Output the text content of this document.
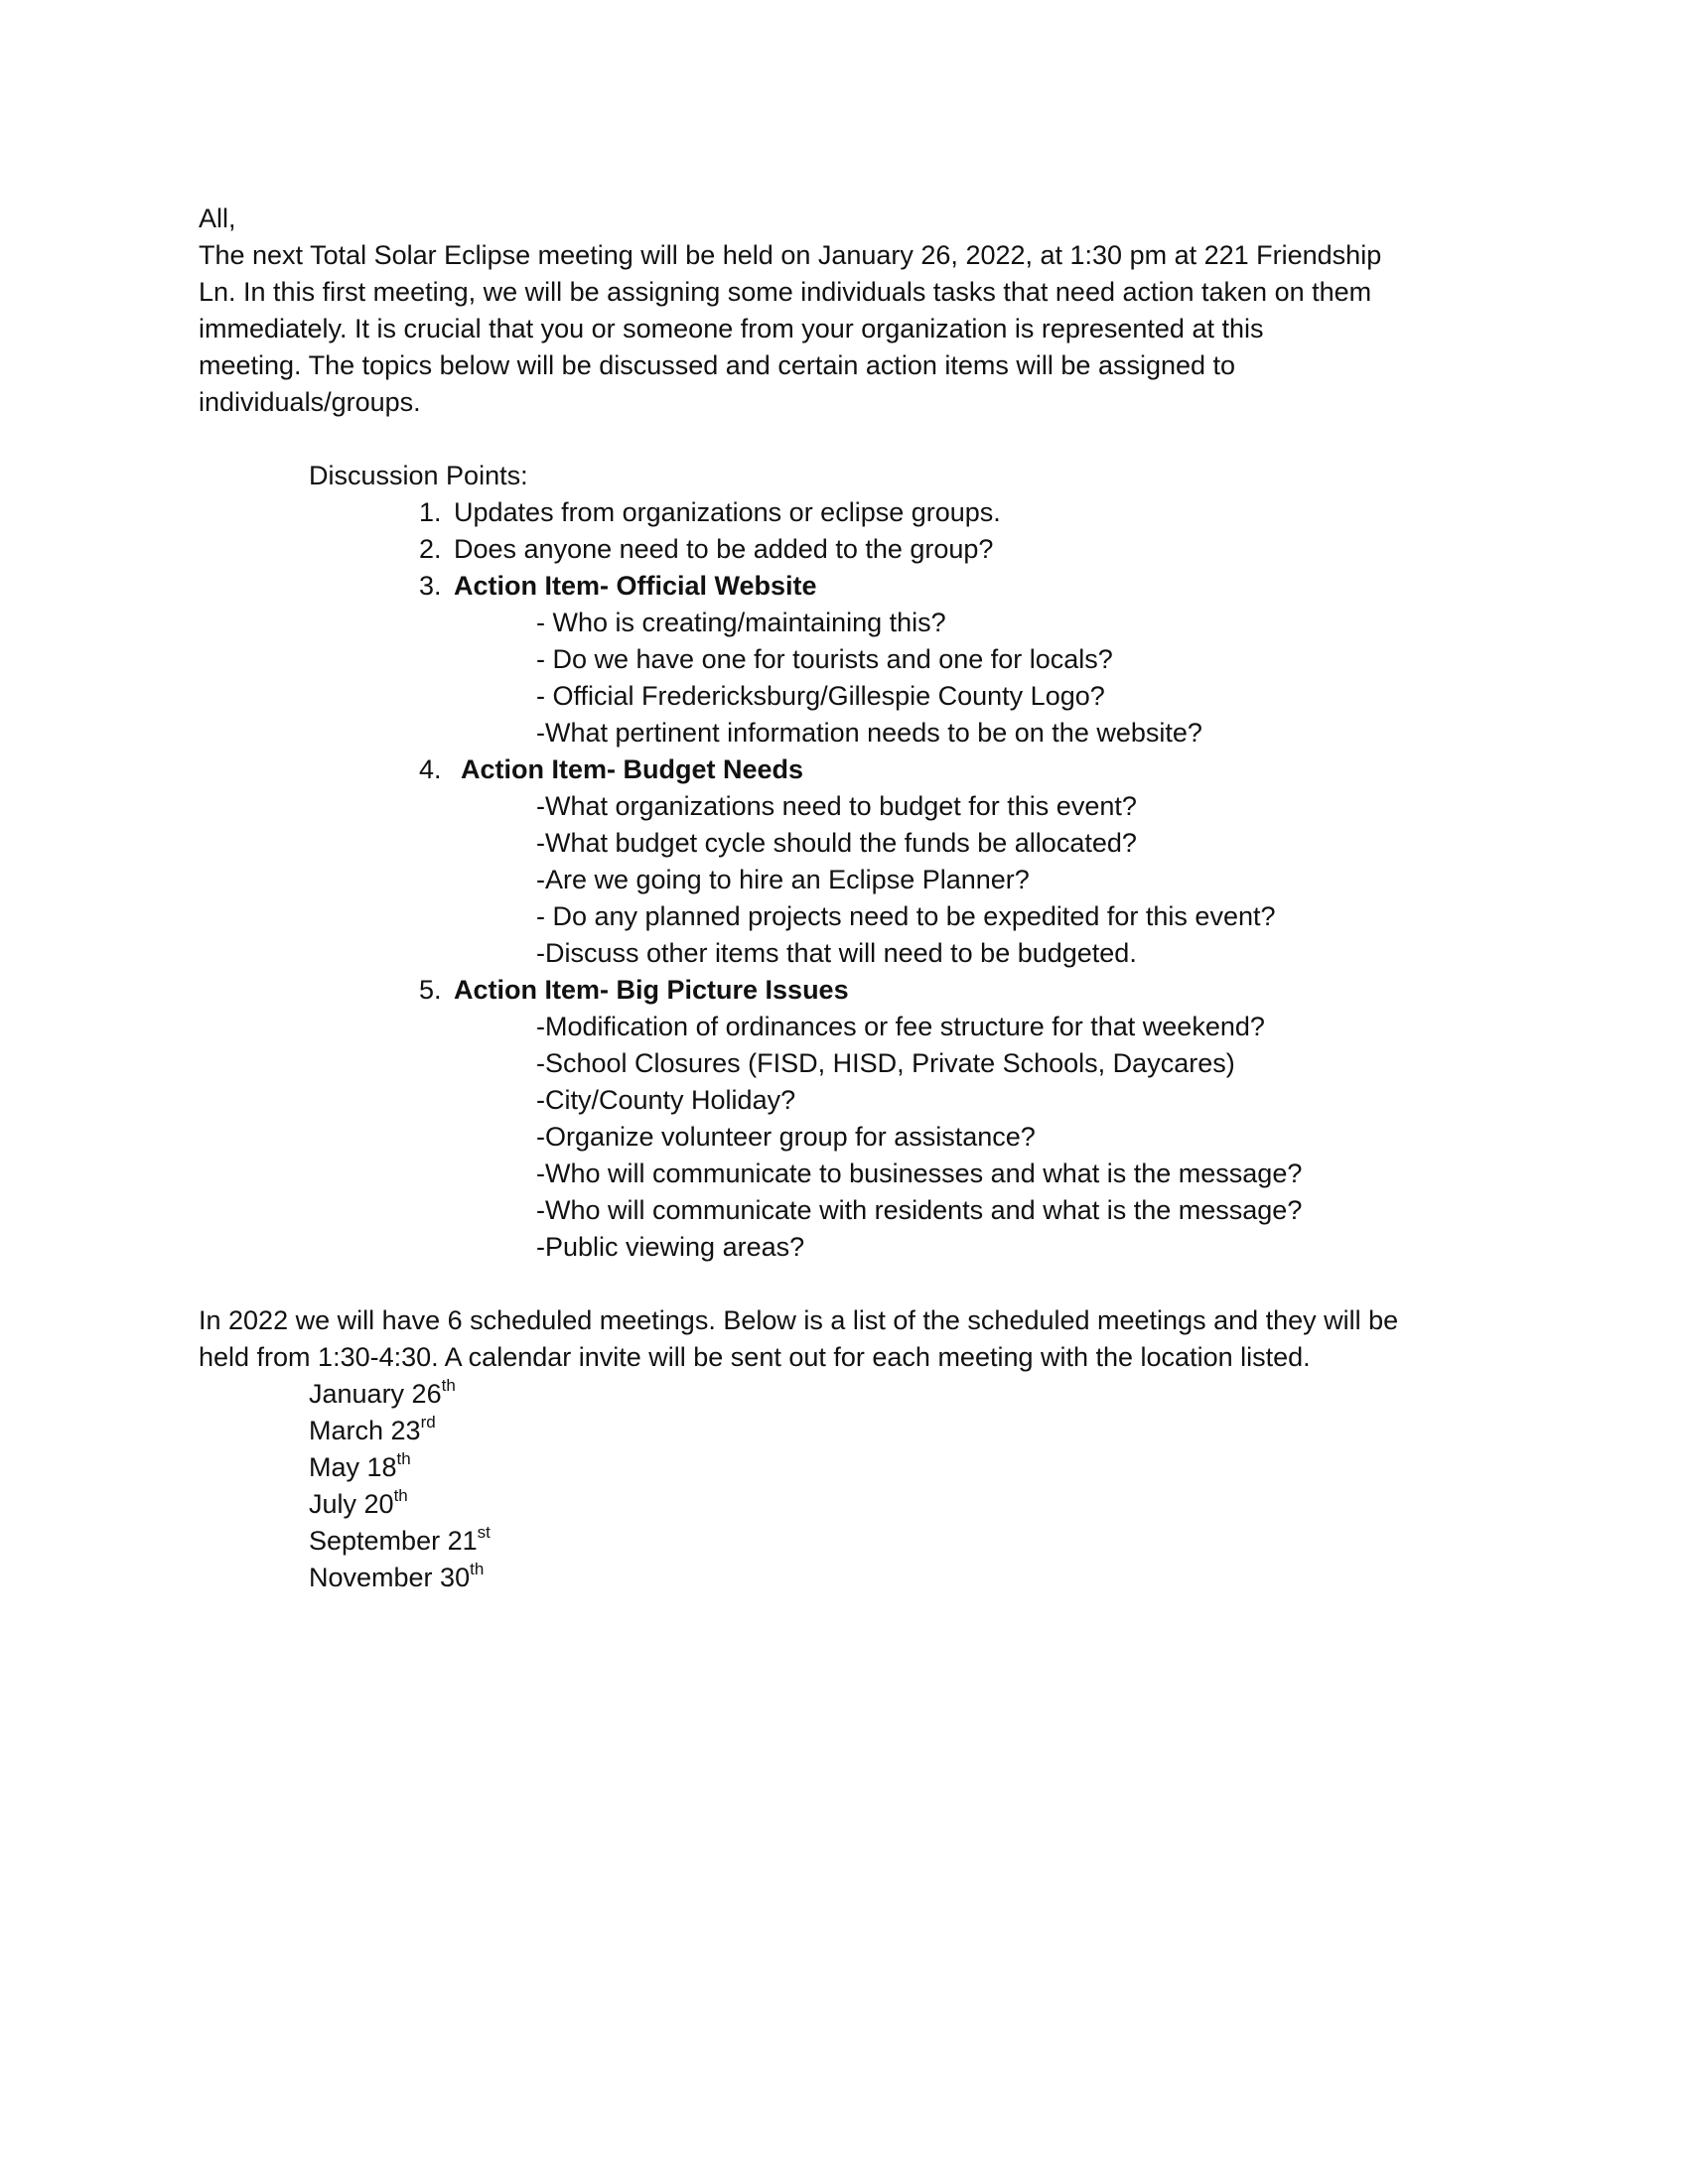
All,
The next Total Solar Eclipse meeting will be held on January 26, 2022, at 1:30 pm at 221 Friendship
Ln. In this first meeting, we will be assigning some individuals tasks that need action taken on them
immediately. It is crucial that you or someone from your organization is represented at this
meeting. The topics below will be discussed and certain action items will be assigned to
individuals/groups.
Discussion Points:
1. Updates from organizations or eclipse groups.
2. Does anyone need to be added to the group?
3. Action Item- Official Website
- Who is creating/maintaining this?
- Do we have one for tourists and one for locals?
- Official Fredericksburg/Gillespie County Logo?
-What pertinent information needs to be on the website?
4. Action Item- Budget Needs
-What organizations need to budget for this event?
-What budget cycle should the funds be allocated?
-Are we going to hire an Eclipse Planner?
- Do any planned projects need to be expedited for this event?
-Discuss other items that will need to be budgeted.
5. Action Item- Big Picture Issues
-Modification of ordinances or fee structure for that weekend?
-School Closures (FISD, HISD, Private Schools, Daycares)
-City/County Holiday?
-Organize volunteer group for assistance?
-Who will communicate to businesses and what is the message?
-Who will communicate with residents and what is the message?
-Public viewing areas?
In 2022 we will have 6 scheduled meetings. Below is a list of the scheduled meetings and they will be
held from 1:30-4:30. A calendar invite will be sent out for each meeting with the location listed.
January 26th
March 23rd
May 18th
July 20th
September 21st
November 30th
